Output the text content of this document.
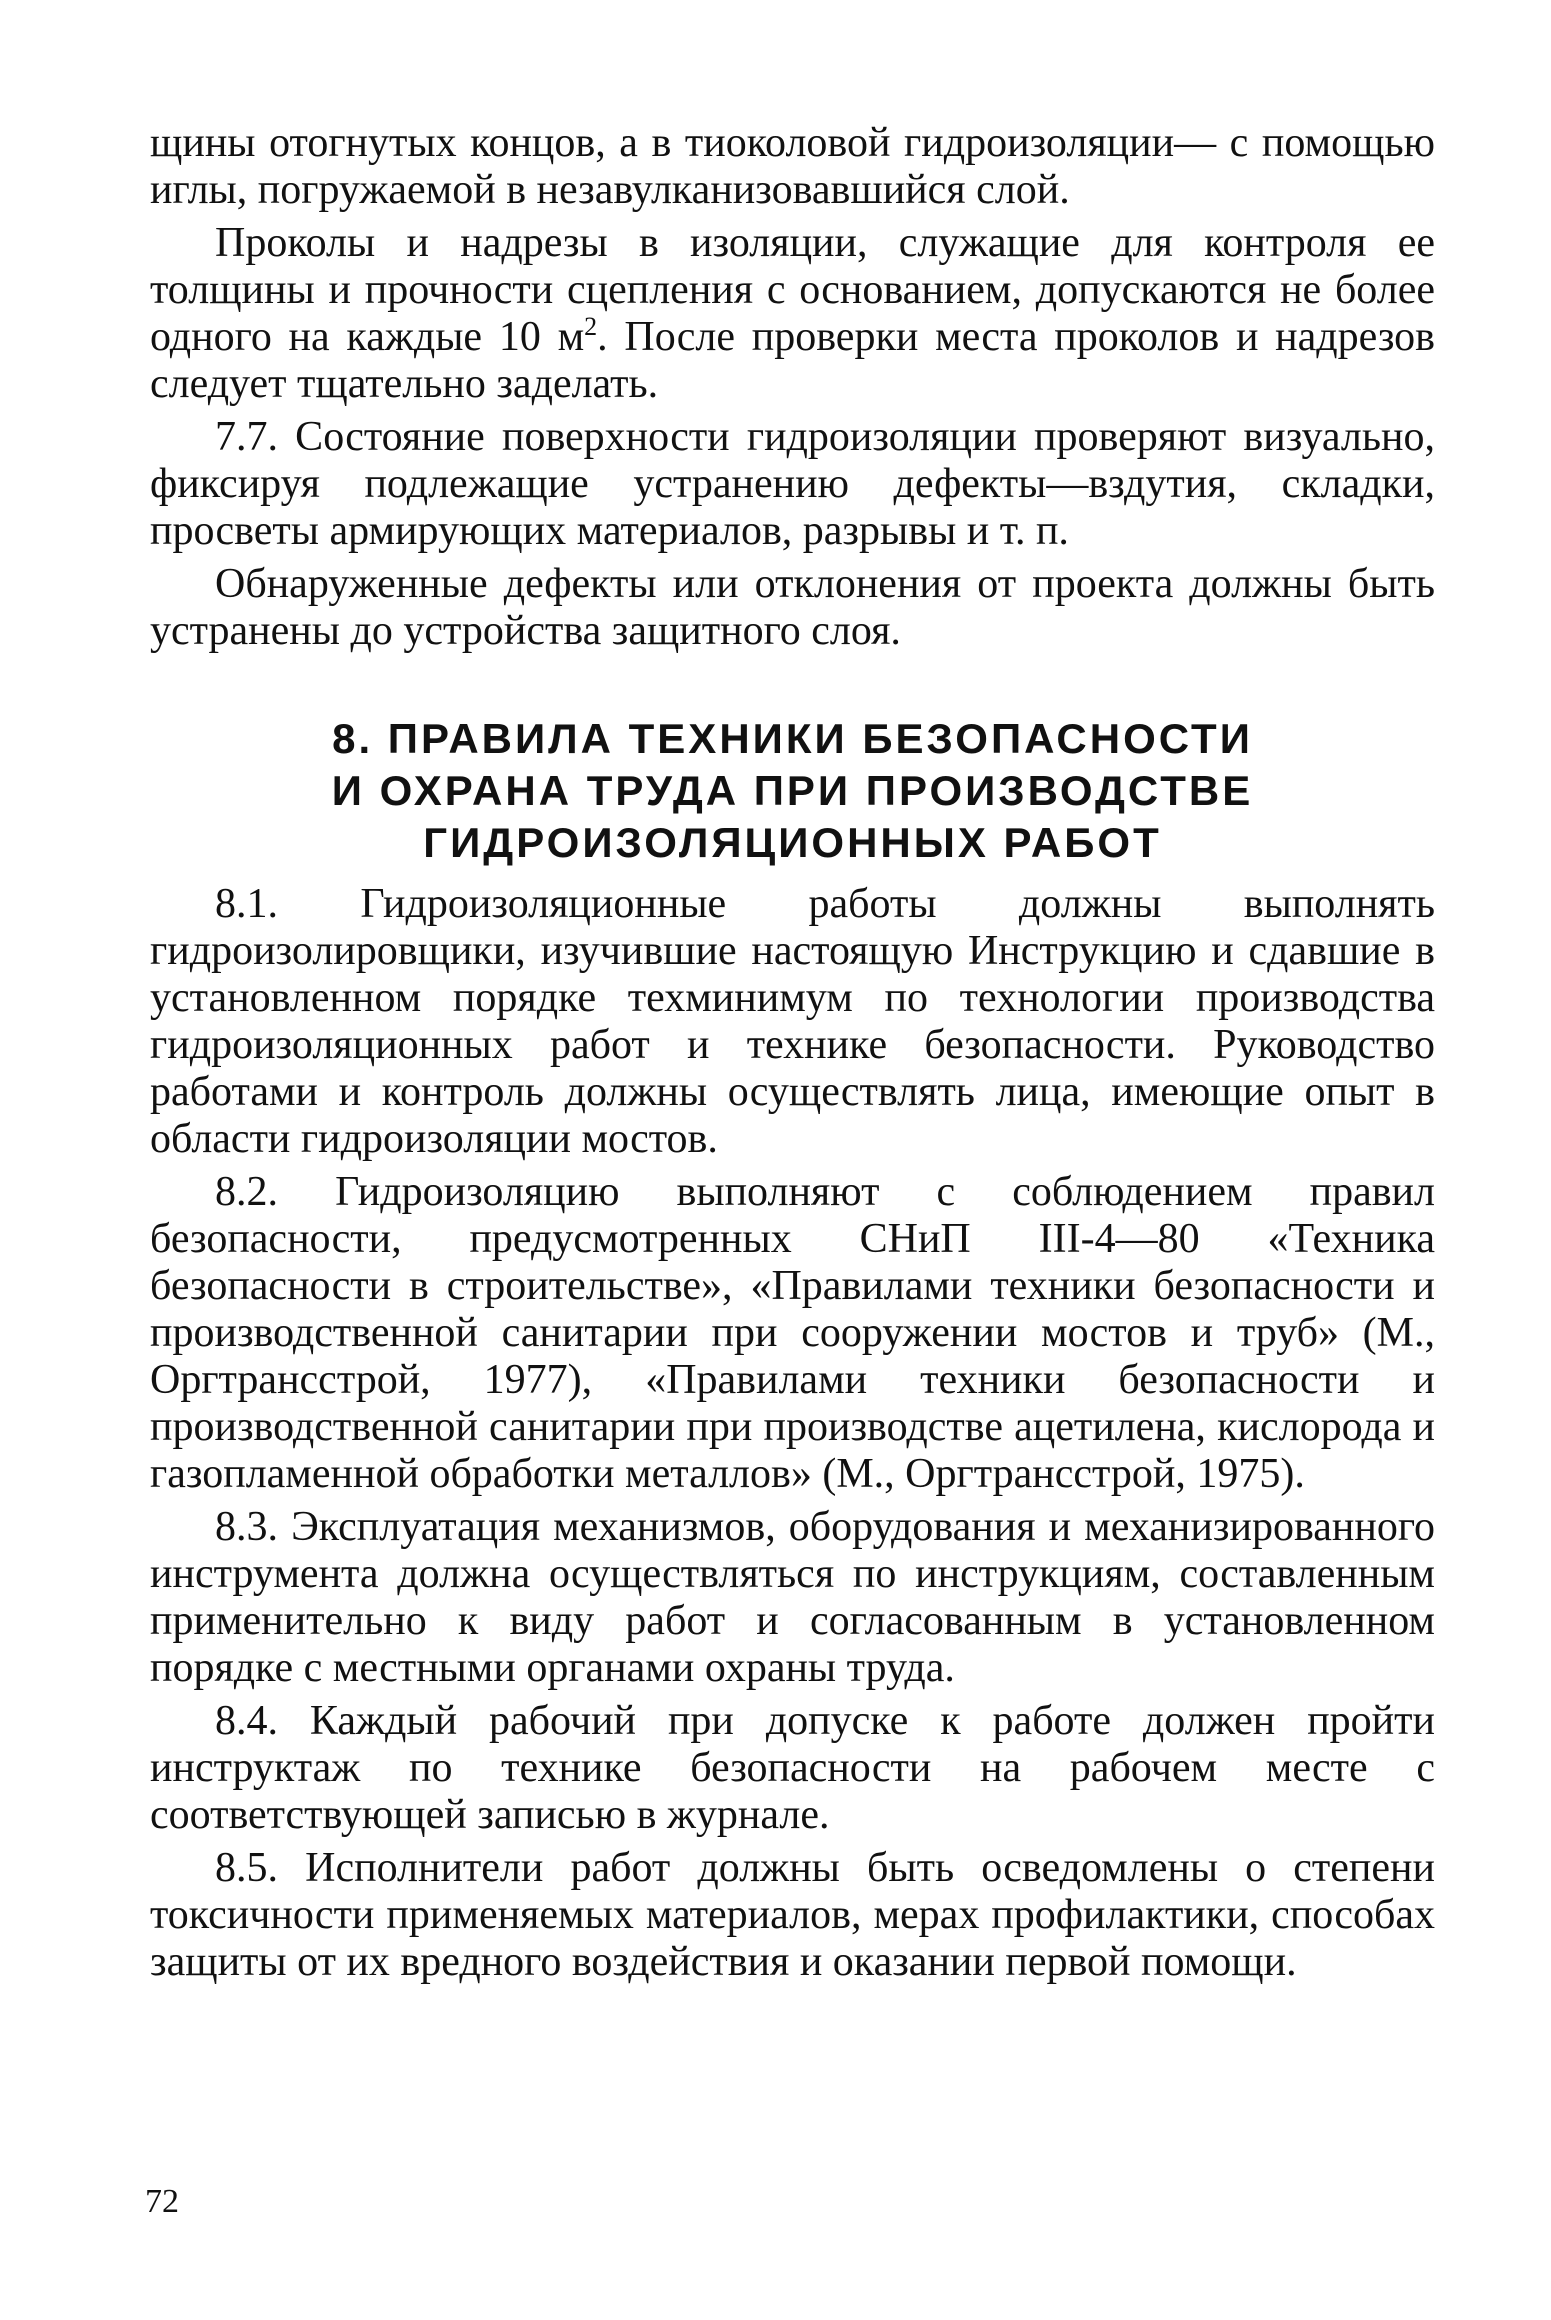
щины отогнутых концов, а в тиоколовой гидроизоляции— с помощью иглы, погружаемой в незавулканизовавшийся слой.

Проколы и надрезы в изоляции, служащие для контроля ее толщины и прочности сцепления с основанием, допускаются не более одного на каждые 10 $м^2$. После проверки места проколов и надрезов следует тщательно заделать.

7.7. Состояние поверхности гидроизоляции проверяют визуально, фиксируя подлежащие устранению дефекты—вздутия, складки, просветы армирующих материалов, разрывы и т. п.

Обнаруженные дефекты или отклонения от проекта должны быть устранены до устройства защитного слоя.

8. ПРАВИЛА ТЕХНИКИ БЕЗОПАСНОСТИ
И ОХРАНА ТРУДА ПРИ ПРОИЗВОДСТВЕ
ГИДРОИЗОЛЯЦИОННЫХ РАБОТ

8.1. Гидроизоляционные работы должны выполнять гидроизолировщики, изучившие настоящую Инструкцию и сдавшие в установленном порядке техминимум по технологии производства гидроизоляционных работ и технике безопасности. Руководство работами и контроль должны осуществлять лица, имеющие опыт в области гидроизоляции мостов.

8.2. Гидроизоляцию выполняют с соблюдением правил безопасности, предусмотренных СНиП III-4—80 «Техника безопасности в строительстве», «Правилами техники безопасности и производственной санитарии при сооружении мостов и труб» (М., Оргтрансстрой, 1977), «Правилами техники безопасности и производственной санитарии при производстве ацетилена, кислорода и газопламенной обработки металлов» (М., Оргтрансстрой, 1975).

8.3. Эксплуатация механизмов, оборудования и механизированного инструмента должна осуществляться по инструкциям, составленным применительно к виду работ и согласованным в установленном порядке с местными органами охраны труда.

8.4. Каждый рабочий при допуске к работе должен пройти инструктаж по технике безопасности на рабочем месте с соответствующей записью в журнале.

8.5. Исполнители работ должны быть осведомлены о степени токсичности применяемых материалов, мерах профилактики, способах защиты от их вредного воздействия и оказании первой помощи.

72
